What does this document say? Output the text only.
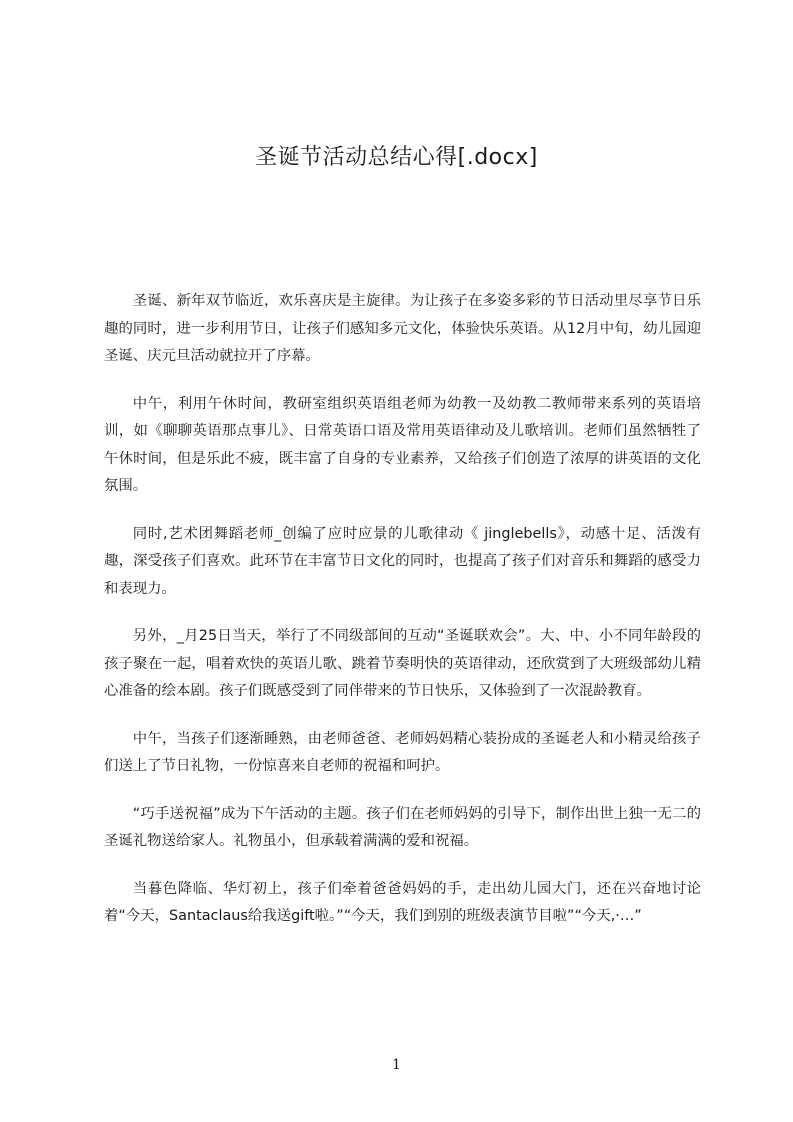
圣诞节活动总结心得[.docx]

圣诞、新年双节临近，欢乐喜庆是主旋律。为让孩子在多姿多彩的节日活动里尽享节日乐趣的同时，进一步利用节日，让孩子们感知多元文化，体验快乐英语。从12月中旬，幼儿园迎圣诞、庆元旦活动就拉开了序幕。

中午，利用午休时间，教研室组织英语组老师为幼教一及幼教二教师带来系列的英语培训，如《聊聊英语那点事儿》、日常英语口语及常用英语律动及儿歌培训。老师们虽然牺牲了午休时间，但是乐此不疲，既丰富了自身的专业素养，又给孩子们创造了浓厚的讲英语的文化氛围。

同时,艺术团舞蹈老师_创编了应时应景的儿歌律动《 jinglebells》，动感十足、活泼有趣，深受孩子们喜欢。此环节在丰富节日文化的同时，也提高了孩子们对音乐和舞蹈的感受力和表现力。

另外，_月25日当天，举行了不同级部间的互动“圣诞联欢会”。大、中、小不同年龄段的孩子聚在一起，唱着欢快的英语儿歌、跳着节奏明快的英语律动，还欣赏到了大班级部幼儿精心准备的绘本剧。孩子们既感受到了同伴带来的节日快乐，又体验到了一次混龄教育。

中午，当孩子们逐渐睡熟，由老师爸爸、老师妈妈精心装扮成的圣诞老人和小精灵给孩子们送上了节日礼物，一份惊喜来自老师的祝福和呵护。

“巧手送祝福”成为下午活动的主题。孩子们在老师妈妈的引导下，制作出世上独一无二的圣诞礼物送给家人。礼物虽小，但承载着满满的爱和祝福。

当暮色降临、华灯初上，孩子们牵着爸爸妈妈的手，走出幼儿园大门，还在兴奋地讨论着“今天，Santaclaus给我送gift啦。”“今天，我们到别的班级表演节目啦”“今天,·…”

1
